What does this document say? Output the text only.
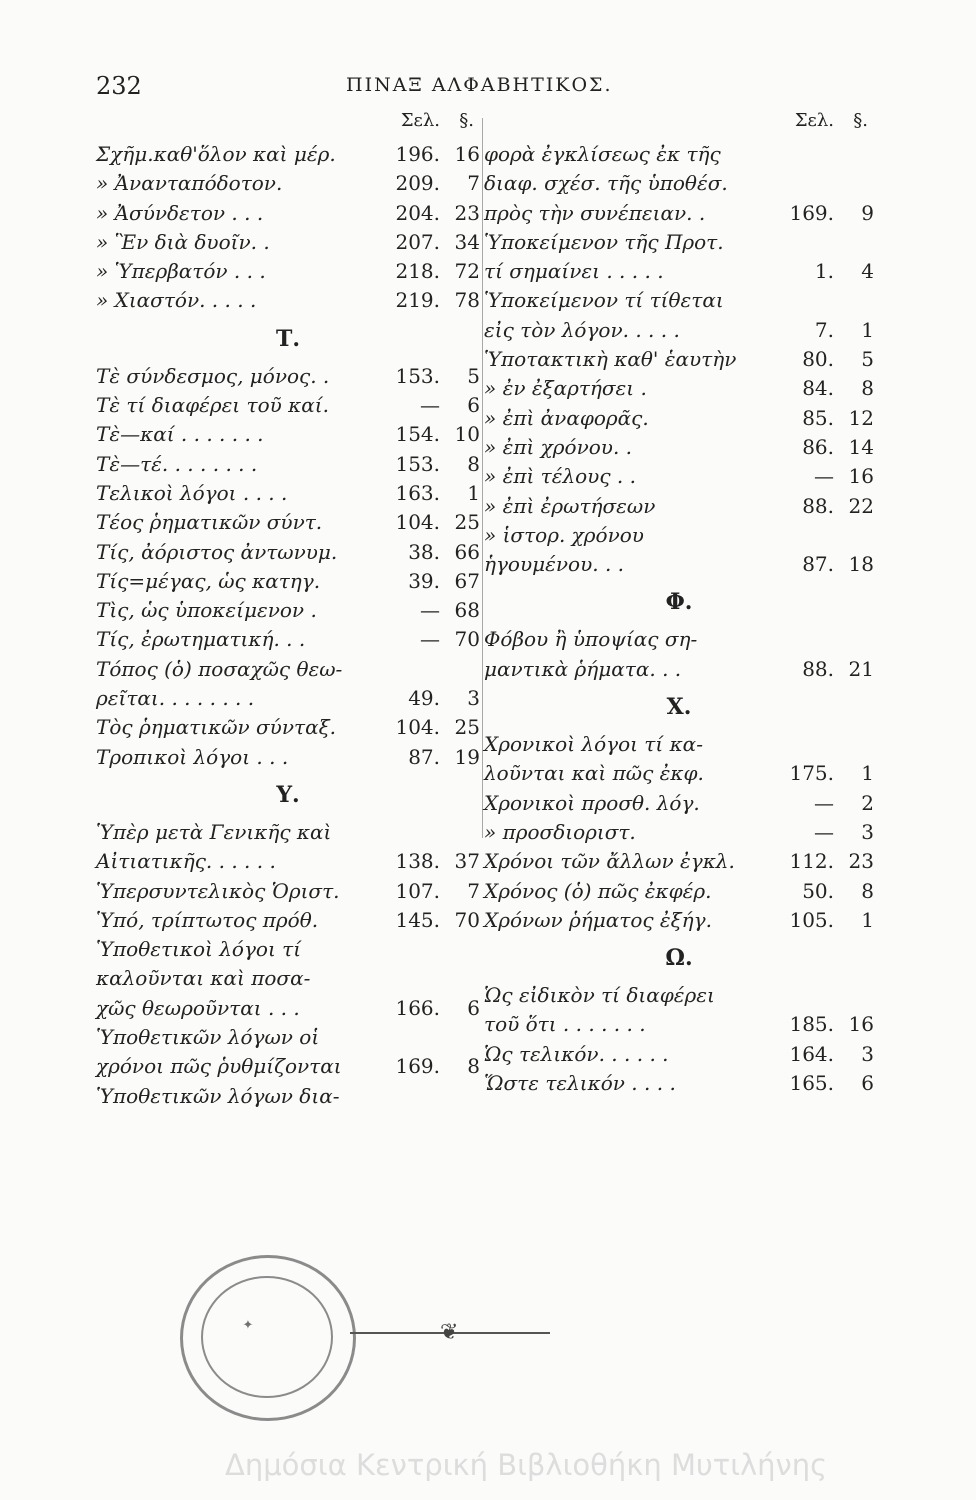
232	ΠΙΝΑΞ ΑΛΦΑΒΗΤΙΚΟΣ.
Σελ. §.
Σχῆμ.καθ'ὅλον καὶ μέρ.	196. 16
» Ἀνανταπόδοτον.	209.	7
» Ἀσύνδετον . . .	204. 23
» Ἓν διὰ δυοῖν. .	207. 34
» Ὑπερβατόν . . .	218. 72
» Χιαστόν. . . . .	219. 78
Τ.
Τὲ σύνδεσμος, μόνος. .	153.	5
Τὲ τί διαφέρει τοῦ καί.	—	6
Τὲ—καί . . . . . . .	154. 10
Τὲ—τέ. . . . . . . .	153.	8
Τελικοὶ λόγοι . . . .	163.	1
Τέος ῥηματικῶν σύντ.	104. 25
Τίς, ἀόριστος ἀντωνυμ.	38. 66
Τίς=μέγας, ὡς κατηγ.	39. 67
Τὶς, ὡς ὑποκείμενον .	— 68
Τίς, ἐρωτηματική. . .	— 70
Τόπος (ὁ) ποσαχῶς θεω-
ρεῖται. . . . . . . .	49.	3
Τὸς ῥηματικῶν σύνταξ.	104. 25
Τροπικοὶ λόγοι . . .	87. 19
Υ.
Ὑπὲρ μετὰ Γενικῆς καὶ
Αἰτιατικῆς. . . . . .	138. 37
Ὑπερσυντελικὸς Ὁριστ.	107.	7
Ὑπό, τρίπτωτος πρόθ.	145. 70
Ὑποθετικοὶ λόγοι τί
καλοῦνται καὶ ποσα-
χῶς θεωροῦνται . . .	166.	6
Ὑποθετικῶν λόγων οἱ
χρόνοι πῶς ῥυθμίζονται	169.	8
Ὑποθετικῶν λόγων δια-
Σελ. §.
φορὰ ἐγκλίσεως ἐκ τῆς
διαφ. σχέσ. τῆς ὑποθέσ.
πρὸς τὴν συνέπειαν. .	169.	9
Ὑποκείμενον τῆς Προτ.
τί σημαίνει . . . . .	1.	4
Ὑποκείμενον τί τίθεται
εἰς τὸν λόγον. . . . .	7.	1
Ὑποτακτικὴ καθ' ἑαυτὴν	80.	5
» ἐν ἐξαρτήσει .	84.	8
» ἐπὶ ἀναφορᾶς.	85. 12
» ἐπὶ χρόνου. .	86. 14
» ἐπὶ τέλους . .	— 16
» ἐπὶ ἐρωτήσεων	88. 22
» ἱστορ. χρόνου
ἡγουμένου. . .	87. 18
Φ.
Φόβου ἢ ὑποψίας ση-
μαντικὰ ῥήματα. . .	88. 21
Χ.
Χρονικοὶ λόγοι τί κα-
λοῦνται καὶ πῶς ἐκφ.	175.	1
Χρονικοὶ προσθ. λόγ.	—	2
» προσδιοριστ.	—	3
Χρόνοι τῶν ἄλλων ἐγκλ.	112. 23
Χρόνος (ὁ) πῶς ἐκφέρ.	50.	8
Χρόνων ῥήματος ἐξήγ.	105.	1
Ω.
Ὡς εἰδικὸν τί διαφέρει
τοῦ ὅτι . . . . . . .	185. 16
Ὡς τελικόν. . . . . .	164.	3
Ὥστε τελικόν . . . .	165.	6
✦	❦
Δημόσια Κεντρική Βιβλιοθήκη Μυτιλήνης
